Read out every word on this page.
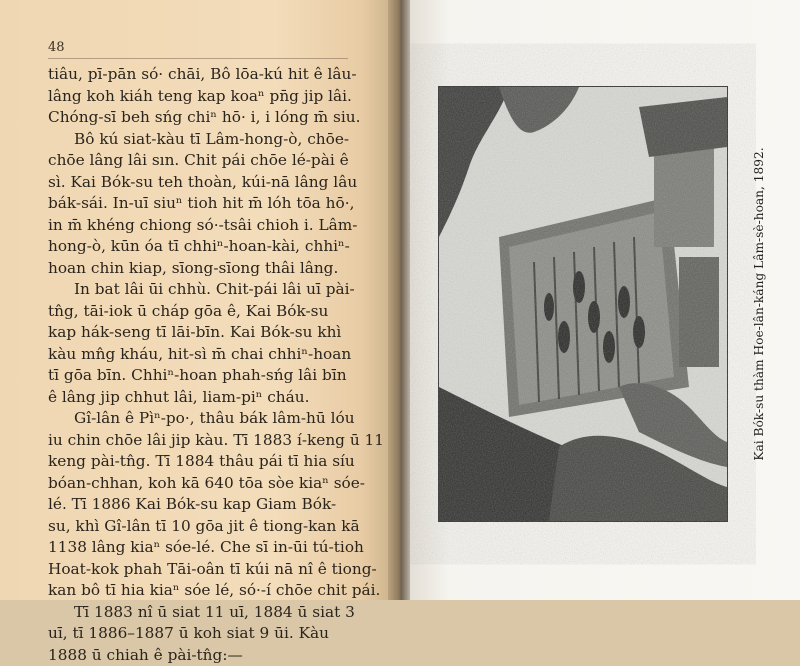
48
tiâu, pī-pān só· chāi, Bô lōa-kú hit ê lâu-
lâng koh kiáh teng kap koaⁿ pn̄g jip lâi.
Chóng-sī beh sńg chiⁿ hō· i, i lóng m̄ siu.
Bô kú siat-kàu tī Lâm-hong-ò, chōe-
chōe lâng lâi sın. Chit pái chōe lé-pài ê
sì. Kai Bók-su teh thoàn, kúi-nā lâng lâu
bák-sái. In-uī siuⁿ tioh hit m̄ lóh tōa hō·,
in m̄ khéng chiong só·-tsâi chioh i. Lâm-
hong-ò, kūn óa tī chhiⁿ-hoan-kài, chhiⁿ-
hoan chin kiap, sīong-sīong thâi lâng.
In bat lâi ūi chhù. Chit-pái lâi uī pài-
tn̂g, tāi-iok ū cháp gōa ê, Kai Bók-su
kap hák-seng tī lāi-bīn. Kai Bók-su khì
kàu mn̂g kháu, hit-sì m̄ chai chhiⁿ-hoan
tī gōa bīn. Chhiⁿ-hoan phah-sńg lâi bīn
ê lâng jip chhut lâi, liam-piⁿ cháu.
Gî-lân ê Pìⁿ-po·, thâu bák lâm-hū lóu
iu chin chōe lâi jip kàu. Tī 1883 í-keng ū 11
keng pài-tn̂g. Tī 1884 thâu pái tī hia síu
bóan-chhan, koh kā 640 tōa sòe kiaⁿ sóe-
lé. Tī 1886 Kai Bók-su kap Giam Bók-
su, khì Gî-lân tī 10 gōa jit ê tiong-kan kā
1138 lâng kiaⁿ sóe-lé. Che sī in-ūi tú-tioh
Hoat-kok phah Tāi-oân tī kúi nā nî ê tiong-
kan bô tī hia kiaⁿ sóe lé, só·-í chōe chit pái.
Tī 1883 nî ū siat 11 uī, 1884 ū siat 3
uī, tī 1886–1887 ū koh siat 9 ūi. Kàu
1888 ū chiah ê pài-tn̂g:—
Kai Bók-su thàm Hoe-lân-káng Lâm-sè-hoan, 1892.
